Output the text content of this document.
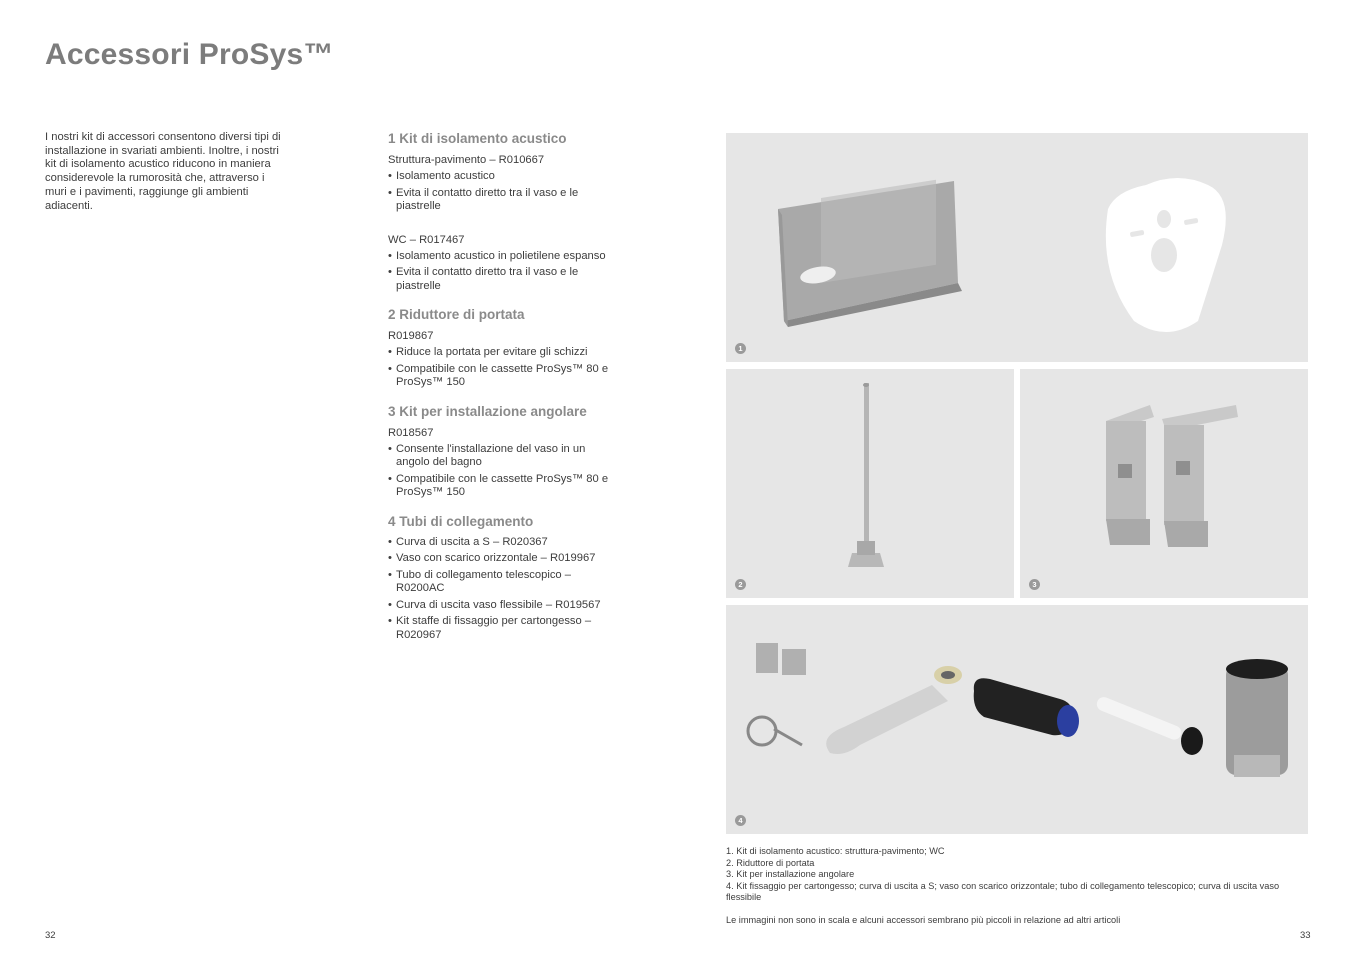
Accessori ProSys™
I nostri kit di accessori consentono diversi tipi di installazione in svariati ambienti. Inoltre, i nostri kit di isolamento acustico riducono in maniera considerevole la rumorosità che, attraverso i muri e i pavimenti, raggiunge gli ambienti adiacenti.
1 Kit di isolamento acustico
Struttura-pavimento – R010667
• Isolamento acustico
• Evita il contatto diretto tra il vaso e le piastrelle
WC – R017467
• Isolamento acustico in polietilene espanso
• Evita il contatto diretto tra il vaso e le piastrelle
2 Riduttore di portata
R019867
• Riduce la portata per evitare gli schizzi
• Compatibile con le cassette ProSys™ 80 e ProSys™ 150
3 Kit per installazione angolare
R018567
• Consente l'installazione del vaso in un angolo del bagno
• Compatibile con le cassette ProSys™ 80 e ProSys™ 150
4 Tubi di collegamento
• Curva di uscita a S – R020367
• Vaso con scarico orizzontale – R019967
• Tubo di collegamento telescopico – R0200AC
• Curva di uscita vaso flessibile – R019567
• Kit staffe di fissaggio per cartongesso – R020967
1
2	3
4
1. Kit di isolamento acustico: struttura-pavimento; WC
2. Riduttore di portata
3. Kit per installazione angolare
4. Kit fissaggio per cartongesso; curva di uscita a S; vaso con scarico orizzontale; tubo di collegamento telescopico; curva di uscita vaso flessibile
Le immagini non sono in scala e alcuni accessori sembrano più piccoli in relazione ad altri articoli
32	33
